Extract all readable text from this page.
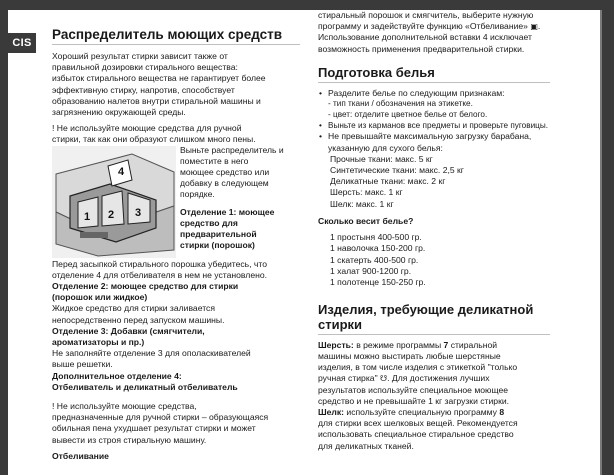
CIS
Распределитель моющих средств
Хороший результат стирки зависит также от
правильной дозировки стирального вещества:
избыток стирального вещества не гарантирует более
эффективную стирку, напротив, способствует
образованию налетов внутри стиральной машины и
загрязнению окружающей среды.
! Не используйте моющие средства для ручной
стирки, так как они образуют слишком много пены.
4
1 2 3
Выньте распределитель и
поместите в него
моющее средство или
добавку в следующем
порядке.
Отделение 1: моющее
средство для
предварительной
стирки (порошок)
Перед засыпкой стирального порошка убедитесь, что
отделение 4 для отбеливателя в нем не установлено.
Отделение 2: моющее средство для стирки
(порошок или жидкое)
Жидкое средство для стирки заливается
непосредственно перед запуском машины.
Отделение 3: Добавки (смягчители,
ароматизаторы и пр.)
Не заполняйте отделение 3 для ополаскивателей
выше решетки.
Дополнительное отделение 4:
Отбеливатель и деликатный отбеливатель
! Не используйте моющие средства,
предназначенные для ручной стирки – образующаяся
обильная пена ухудшает результат стирки и может
вывести из строя стиральную машину.
Отбеливание
стиральный порошок и смягчитель, выберите нужную
программу и задействуйте функцию «Отбеливание» ▣.
Использование дополнительной вставки 4 исключает
возможность применения предварительной стирки.
Подготовка белья
• Разделите белье по следующим признакам:
- тип ткани / обозначения на этикетке.
- цвет: отделите цветное белье от белого.
• Выньте из карманов все предметы и проверьте пуговицы.
• Не превышайте максимальную загрузку барабана,
указанную для сухого белья:
Прочные ткани: макс. 5 кг
Синтетические ткани: макс. 2,5 кг
Деликатные ткани: макс. 2 кг
Шерсть: макс. 1 кг
Шелк: макс. 1 кг
Сколько весит белье?
1 простыня 400-500 гр.
1 наволочка 150-200 гр.
1 скатерть 400-500 гр.
1 халат 900-1200 гр.
1 полотенце 150-250 гр.
Изделия, требующие деликатной
стирки
Шерсть: в режиме программы 7 стиральной
машины можно выстирать любые шерстяные
изделия, в том числе изделия с этикеткой "только
ручная стирка" ☋. Для достижения лучших
результатов используйте специальное моющее
средство и не превышайте 1 кг загрузки стирки.
Шелк: используйте специальную программу 8
для стирки всех шелковых вещей. Рекомендуется
использовать специальное стиральное средство
для деликатных тканей.
